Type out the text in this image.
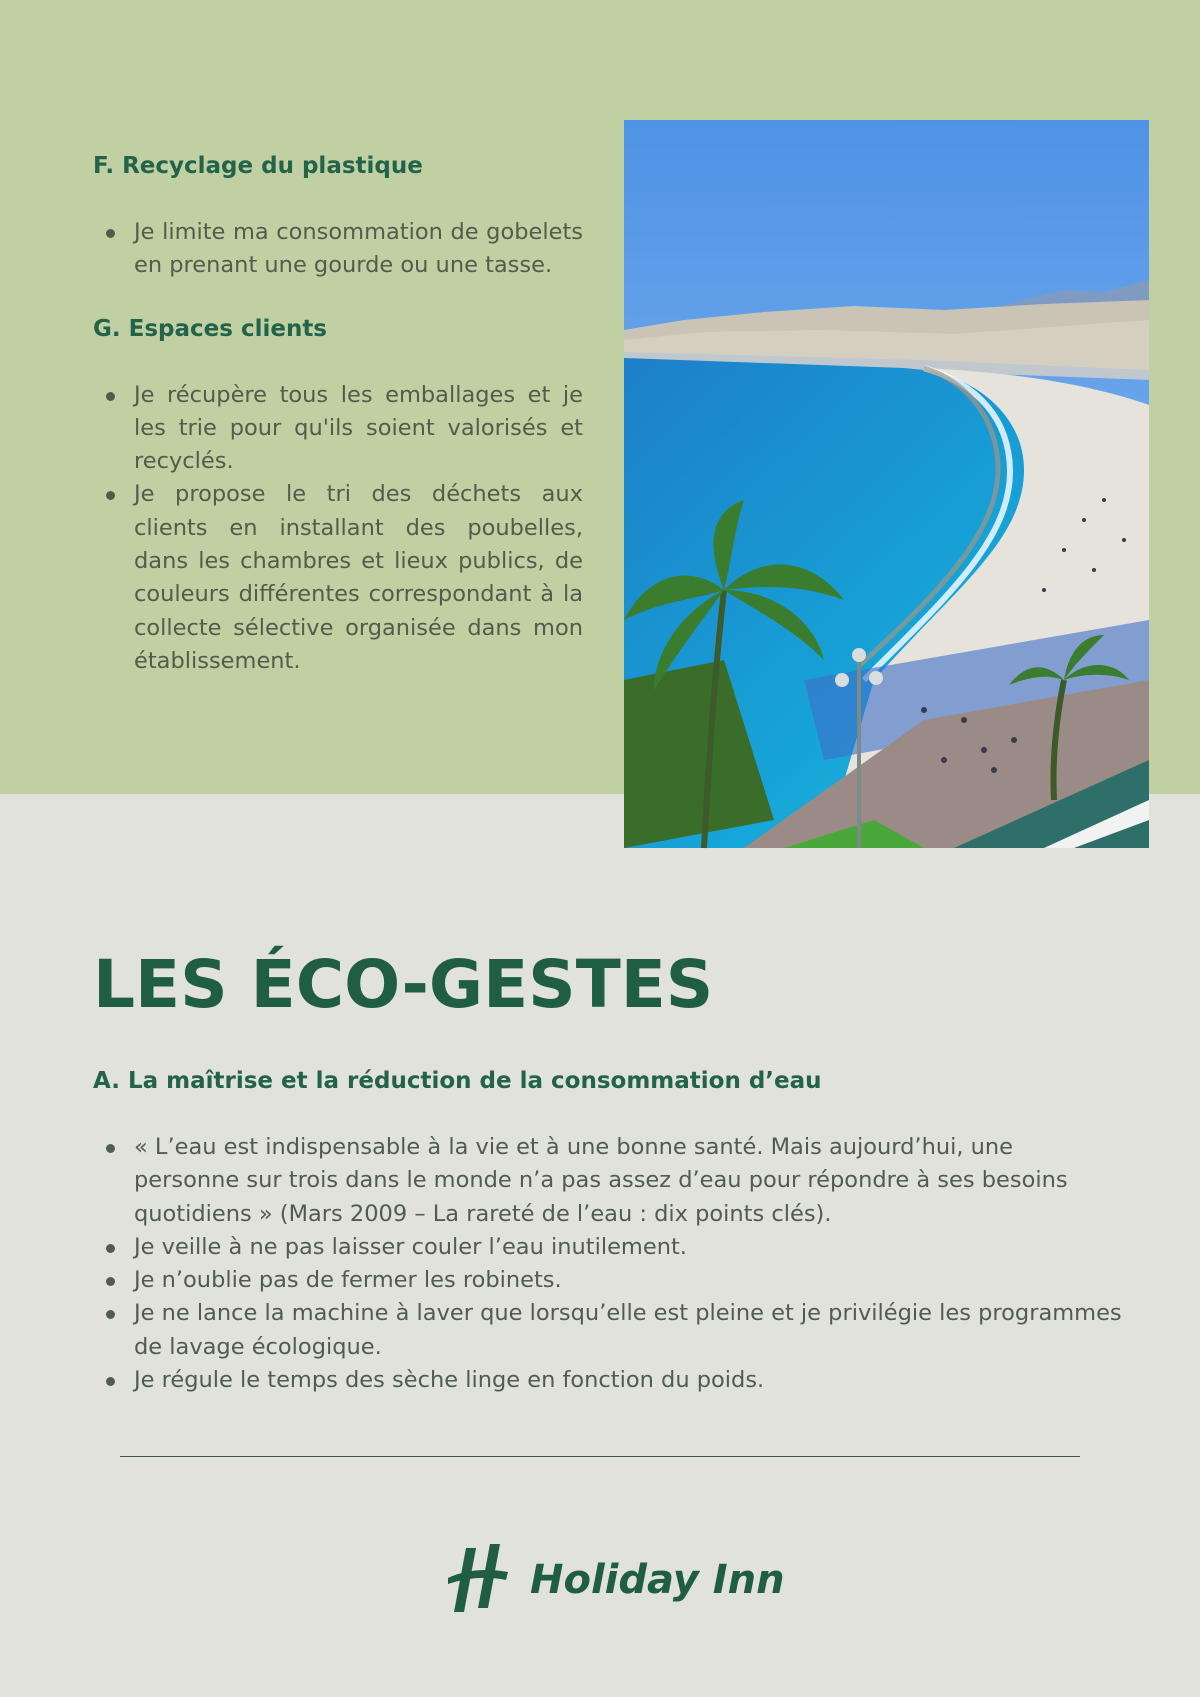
F. Recyclage du plastique
Je limite ma consommation de gobelets en prenant une gourde ou une tasse.
G. Espaces clients
Je récupère tous les emballages et je les trie pour qu'ils soient valorisés et recyclés.
Je propose le tri des déchets aux clients en installant des poubelles, dans les chambres et lieux publics, de couleurs différentes correspondant à la collecte sélective organisée dans mon établissement.
LES ÉCO-GESTES
A. La maîtrise et la réduction de la consommation d’eau
« L’eau est indispensable à la vie et à une bonne santé. Mais aujourd’hui, une personne sur trois dans le monde n’a pas assez d’eau pour répondre à ses besoins quotidiens » (Mars 2009 – La rareté de l’eau : dix points clés).
Je veille à ne pas laisser couler l’eau inutilement.
Je n’oublie pas de fermer les robinets.
Je ne lance la machine à laver que lorsqu’elle est pleine et je privilégie les programmes de lavage écologique.
Je régule le temps des sèche linge en fonction du poids.
Holiday Inn
